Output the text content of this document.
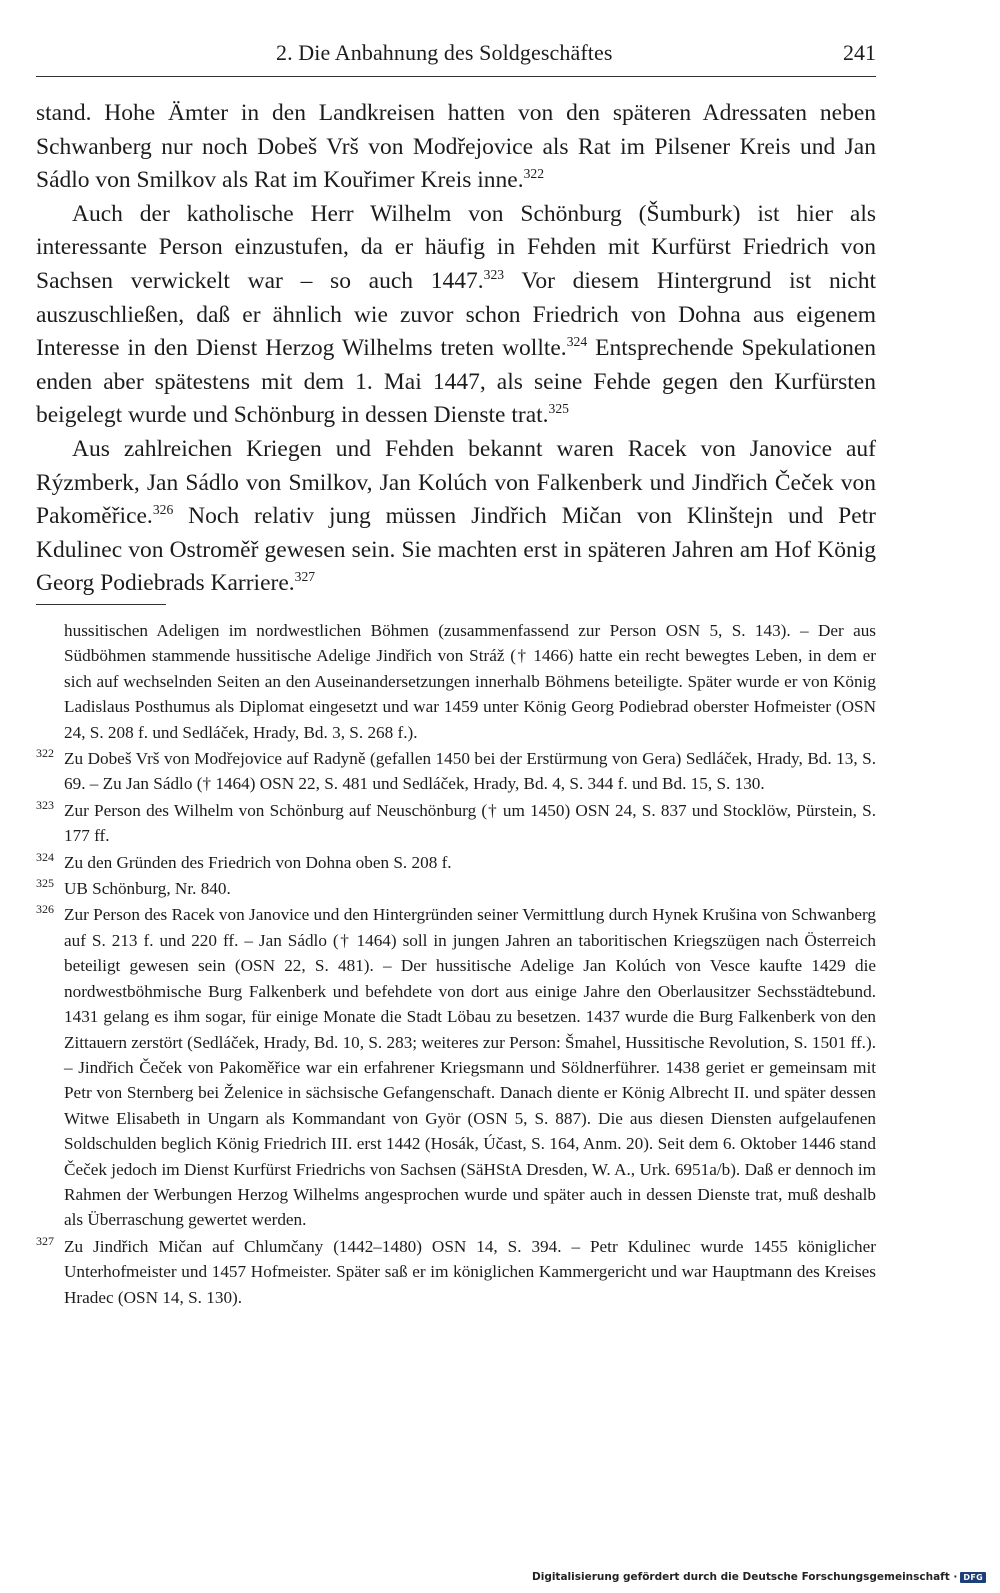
2. Die Anbahnung des Soldgeschäftes	241

stand. Hohe Ämter in den Landkreisen hatten von den späteren Adressaten neben Schwanberg nur noch Dobeš Vrš von Modřejovice als Rat im Pilsener Kreis und Jan Sádlo von Smilkov als Rat im Kouřimer Kreis inne.$^{322}$

Auch der katholische Herr Wilhelm von Schönburg (Šumburk) ist hier als interessante Person einzustufen, da er häufig in Fehden mit Kurfürst Friedrich von Sachsen verwickelt war – so auch 1447.$^{323}$ Vor diesem Hintergrund ist nicht auszuschließen, daß er ähnlich wie zuvor schon Friedrich von Dohna aus eigenem Interesse in den Dienst Herzog Wilhelms treten wollte.$^{324}$ Entsprechende Spekulationen enden aber spätestens mit dem 1. Mai 1447, als seine Fehde gegen den Kurfürsten beigelegt wurde und Schönburg in dessen Dienste trat.$^{325}$

Aus zahlreichen Kriegen und Fehden bekannt waren Racek von Janovice auf Rýzmberk, Jan Sádlo von Smilkov, Jan Kolúch von Falkenberk und Jindřich Čeček von Pakoměřice.$^{326}$ Noch relativ jung müssen Jindřich Mičan von Klinštejn und Petr Kdulinec von Ostroměř gewesen sein. Sie machten erst in späteren Jahren am Hof König Georg Podiebrads Karriere.$^{327}$

hussitischen Adeligen im nordwestlichen Böhmen (zusammenfassend zur Person OSN 5, S. 143). – Der aus Südböhmen stammende hussitische Adelige Jindřich von Stráž († 1466) hatte ein recht bewegtes Leben, in dem er sich auf wechselnden Seiten an den Auseinandersetzungen innerhalb Böhmens beteiligte. Später wurde er von König Ladislaus Posthumus als Diplomat eingesetzt und war 1459 unter König Georg Podiebrad oberster Hofmeister (OSN 24, S. 208 f. und Sedláček, Hrady, Bd. 3, S. 268 f.).

322 Zu Dobeš Vrš von Modřejovice auf Radyně (gefallen 1450 bei der Erstürmung von Gera) Sedláček, Hrady, Bd. 13, S. 69. – Zu Jan Sádlo († 1464) OSN 22, S. 481 und Sedláček, Hrady, Bd. 4, S. 344 f. und Bd. 15, S. 130.

323 Zur Person des Wilhelm von Schönburg auf Neuschönburg († um 1450) OSN 24, S. 837 und Stocklöw, Pürstein, S. 177 ff.

324 Zu den Gründen des Friedrich von Dohna oben S. 208 f.

325 UB Schönburg, Nr. 840.

326 Zur Person des Racek von Janovice und den Hintergründen seiner Vermittlung durch Hynek Krušina von Schwanberg auf S. 213 f. und 220 ff. – Jan Sádlo († 1464) soll in jungen Jahren an taboritischen Kriegszügen nach Österreich beteiligt gewesen sein (OSN 22, S. 481). – Der hussitische Adelige Jan Kolúch von Vesce kaufte 1429 die nordwestböhmische Burg Falkenberk und befehdete von dort aus einige Jahre den Oberlausitzer Sechsstädtebund. 1431 gelang es ihm sogar, für einige Monate die Stadt Löbau zu besetzen. 1437 wurde die Burg Falkenberk von den Zittauern zerstört (Sedláček, Hrady, Bd. 10, S. 283; weiteres zur Person: Šmahel, Hussitische Revolution, S. 1501 ff.). – Jindřich Čeček von Pakoměřice war ein erfahrener Kriegsmann und Söldnerführer. 1438 geriet er gemeinsam mit Petr von Sternberg bei Želenice in sächsische Gefangenschaft. Danach diente er König Albrecht II. und später dessen Witwe Elisabeth in Ungarn als Kommandant von Györ (OSN 5, S. 887). Die aus diesen Diensten aufgelaufenen Soldschulden beglich König Friedrich III. erst 1442 (Hosák, Účast, S. 164, Anm. 20). Seit dem 6. Oktober 1446 stand Čeček jedoch im Dienst Kurfürst Friedrichs von Sachsen (SäHStA Dresden, W. A., Urk. 6951a/b). Daß er dennoch im Rahmen der Werbungen Herzog Wilhelms angesprochen wurde und später auch in dessen Dienste trat, muß deshalb als Überraschung gewertet werden.

327 Zu Jindřich Mičan auf Chlumčany (1442–1480) OSN 14, S. 394. – Petr Kdulinec wurde 1455 königlicher Unterhofmeister und 1457 Hofmeister. Später saß er im königlichen Kammergericht und war Hauptmann des Kreises Hradec (OSN 14, S. 130).

Digitalisierung gefördert durch die Deutsche Forschungsgemeinschaft · DFG
